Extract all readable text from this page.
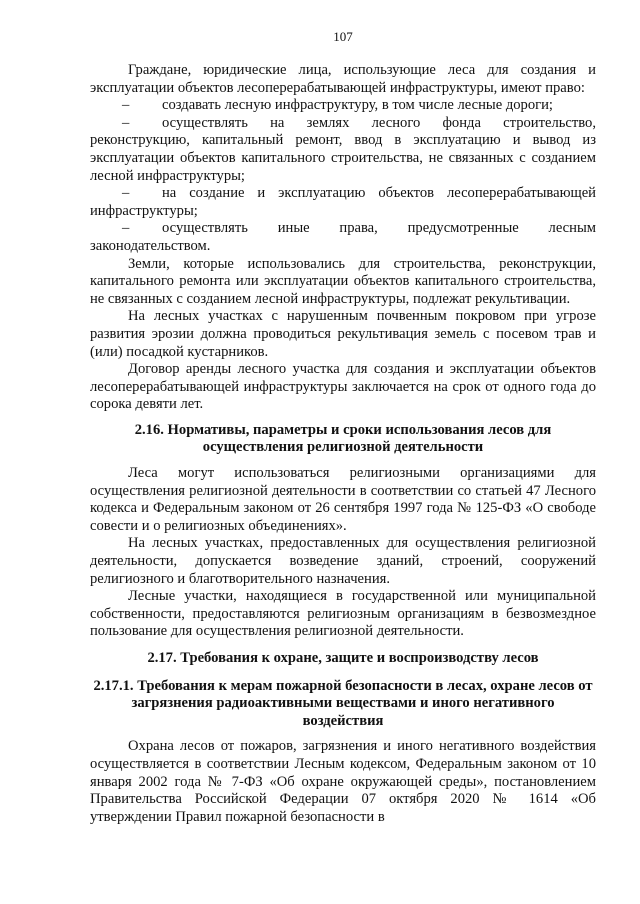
107

Граждане, юридические лица, использующие леса для создания и эксплуатации объектов лесоперерабатывающей инфраструктуры, имеют право:

– создавать лесную инфраструктуру, в том числе лесные дороги;

– осуществлять на землях лесного фонда строительство, реконструкцию, капитальный ремонт, ввод в эксплуатацию и вывод из эксплуатации объектов капитального строительства, не связанных с созданием лесной инфраструктуры;

– на создание и эксплуатацию объектов лесоперерабатывающей инфраструктуры;

– осуществлять иные права, предусмотренные лесным законодательством.

Земли, которые использовались для строительства, реконструкции, капитального ремонта или эксплуатации объектов капитального строительства, не связанных с созданием лесной инфраструктуры, подлежат рекультивации.

На лесных участках с нарушенным почвенным покровом при угрозе развития эрозии должна проводиться рекультивация земель с посевом трав и (или) посадкой кустарников.

Договор аренды лесного участка для создания и эксплуатации объектов лесоперерабатывающей инфраструктуры заключается на срок от одного года до сорока девяти лет.

2.16. Нормативы, параметры и сроки использования лесов для осуществления религиозной деятельности

Леса могут использоваться религиозными организациями для осуществления религиозной деятельности в соответствии со статьей 47 Лесного кодекса и Федеральным законом от 26 сентября 1997 года № 125-ФЗ «О свободе совести и о религиозных объединениях».

На лесных участках, предоставленных для осуществления религиозной деятельности, допускается возведение зданий, строений, сооружений религиозного и благотворительного назначения.

Лесные участки, находящиеся в государственной или муниципальной собственности, предоставляются религиозным организациям в безвозмездное пользование для осуществления религиозной деятельности.

2.17. Требования к охране, защите и воспроизводству лесов
2.17.1. Требования к мерам пожарной безопасности в лесах, охране лесов от загрязнения радиоактивными веществами и иного негативного воздействия

Охрана лесов от пожаров, загрязнения и иного негативного воздействия осуществляется в соответствии Лесным кодексом, Федеральным законом от 10 января 2002 года № 7-ФЗ «Об охране окружающей среды», постановлением Правительства Российской Федерации 07 октября 2020 № 1614 «Об утверждении Правил пожарной безопасности в
